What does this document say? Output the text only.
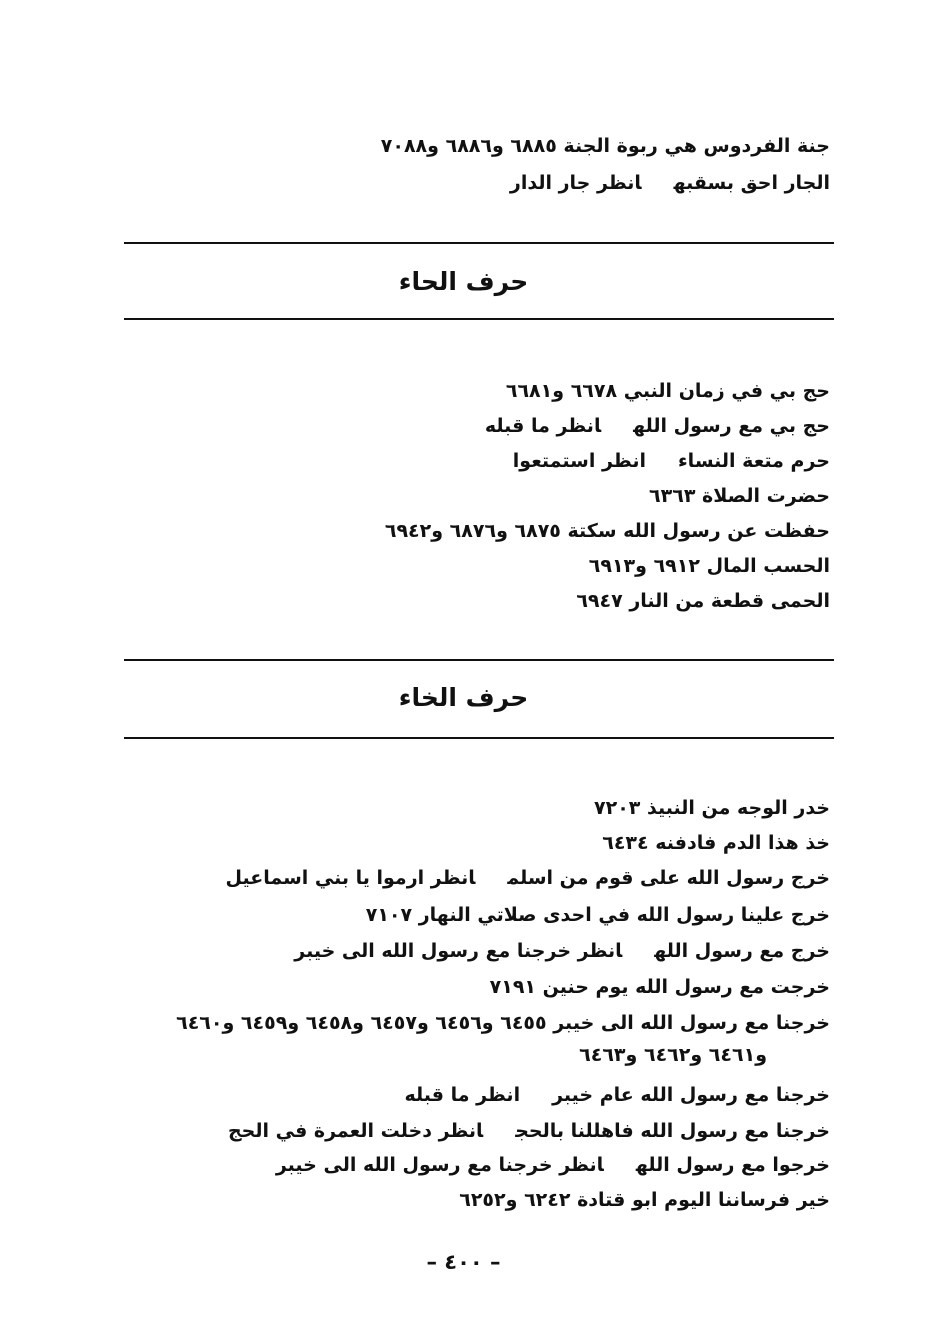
جنة الفردوس هي ربوة الجنة ٦٨٨٥ و٦٨٨٦ و٧٠٨٨
الجار احق بسقبهانظر جار الدار
حرف الحاء
حج بي في زمان النبي ٦٦٧٨ و٦٦٨١
حج بي مع رسول اللهانظر ما قبله
حرم متعة النساءانظر استمتعوا
حضرت الصلاة ٦٣٦٣
حفظت عن رسول الله سكتة ٦٨٧٥ و٦٨٧٦ و٦٩٤٢
الحسب المال ٦٩١٢ و٦٩١٣
الحمى قطعة من النار ٦٩٤٧
حرف الخاء
خدر الوجه من النبيذ ٧٢٠٣
خذ هذا الدم فادفنه ٦٤٣٤
خرج رسول الله على قوم من اسلمانظر ارموا يا بني اسماعيل
خرج علينا رسول الله في احدى صلاتي النهار ٧١٠٧
خرج مع رسول اللهانظر خرجنا مع رسول الله الى خيبر
خرجت مع رسول الله يوم حنين ٧١٩١
خرجنا مع رسول الله الى خيبر ٦٤٥٥ و٦٤٥٦ و٦٤٥٧ و٦٤٥٨ و٦٤٥٩ و٦٤٦٠
و٦٤٦١ و٦٤٦٢ و٦٤٦٣
خرجنا مع رسول الله عام خيبرانظر ما قبله
خرجنا مع رسول الله فاهللنا بالحجانظر دخلت العمرة في الحج
خرجوا مع رسول اللهانظر خرجنا مع رسول الله الى خيبر
خير فرساننا اليوم ابو قتادة ٦٢٤٢ و٦٢٥٢
– ٤٠٠ –
